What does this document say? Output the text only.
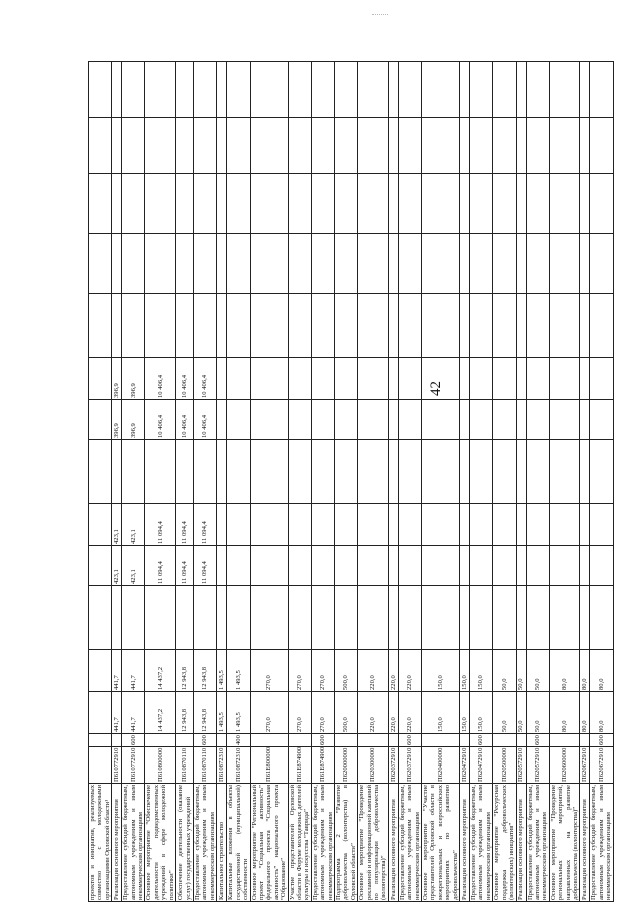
42
проектов и инициатив, реализуемых совместно с молодежными организациями Орловской области¹															
Реализация основного мероприятия	П610772910		441,7	441,7		423,1	423,1		396,9	396,9					
Предоставление субсидий бюджетным, автономным учреждениям и иным некоммерческим организациям	П610772910	600	441,7	441,7		423,1	423,1		396,9	396,9					
Основное мероприятие “Обеспечение деятельности подведомственных учреждений в сфере молодежной политики”	П610800000		14 437,2	14 437,2		11 094,4	11 094,4		10 406,4	10 406,4					
Обеспечение деятельности (оказание услуг) государственных учреждений	П610870110		12 943,8	12 943,8		11 094,4	11 094,4		10 406,4	10 406,4					
Предоставление субсидий бюджетным, автономным учреждениям и иным некоммерческим организациям	П610870110	600	12 943,8	12 943,8		11 094,4	11 094,4		10 406,4	10 406,4					
Капитальное строительство	П610872310		1 493,5	1 493,5											
Капитальные вложения в объекты государственной (муниципальной) собственности	П610872310	400	1 493,5	1 493,5											
Основное мероприятие “Региональный проект “Социальная активность” федерального проекта “Социальная активность” национального проекта “Образование”	П61E800000		270,0	270,0											
Участие представителей Орловской области в Форуме молодежных деятелей культуры и искусства “Таврида”	П61E874900		270,0	270,0											
Предоставление субсидий бюджетным, автономным учреждениям и иным некоммерческим организациям	П61E874900	600	270,0	270,0											
Подпрограмма 2 “Развитие добровольчества (волонтерства) в Орловской области”	П620000000		500,0	500,0											
Основное мероприятие “Проведение рекламной и информационной кампаний по популяризации добровольчества (волонтерства)”	П620300000		220,0	220,0											
Реализация основного мероприятия	П620372910		220,0	220,0											
Предоставление субсидий бюджетным, автономным учреждениям и иным некоммерческим организациям	П620372910	600	220,0	220,0											
Основное мероприятие “Участие представителей Орловской области в межрегиональных и всероссийских мероприятиях по развитию добровольчества”	П620400000		150,0	150,0											
Реализация основного мероприятия	П620472910		150,0	150,0											
Предоставление субсидий бюджетным, автономным учреждениям и иным некоммерческим организациям	П620472910	600	150,0	150,0											
Основное мероприятие “Ресурсная поддержка добровольческих (волонтерских) инициатив”	П620500000		50,0	50,0											
Реализация основного мероприятия	П620572910		50,0	50,0											
Предоставление субсидий бюджетным, автономным учреждениям и иным некоммерческим организациям	П620572910	600	50,0	50,0											
Основное мероприятие “Проведение региональных мероприятий, направленных на развитие добровольчества (волонтерства)”	П620600000		80,0	80,0											
Реализация основного мероприятия	П620672910		80,0	80,0											
Предоставление субсидий бюджетным, автономным учреждениям и иным некоммерческим организациям	П620672910	600	80,0	80,0											
